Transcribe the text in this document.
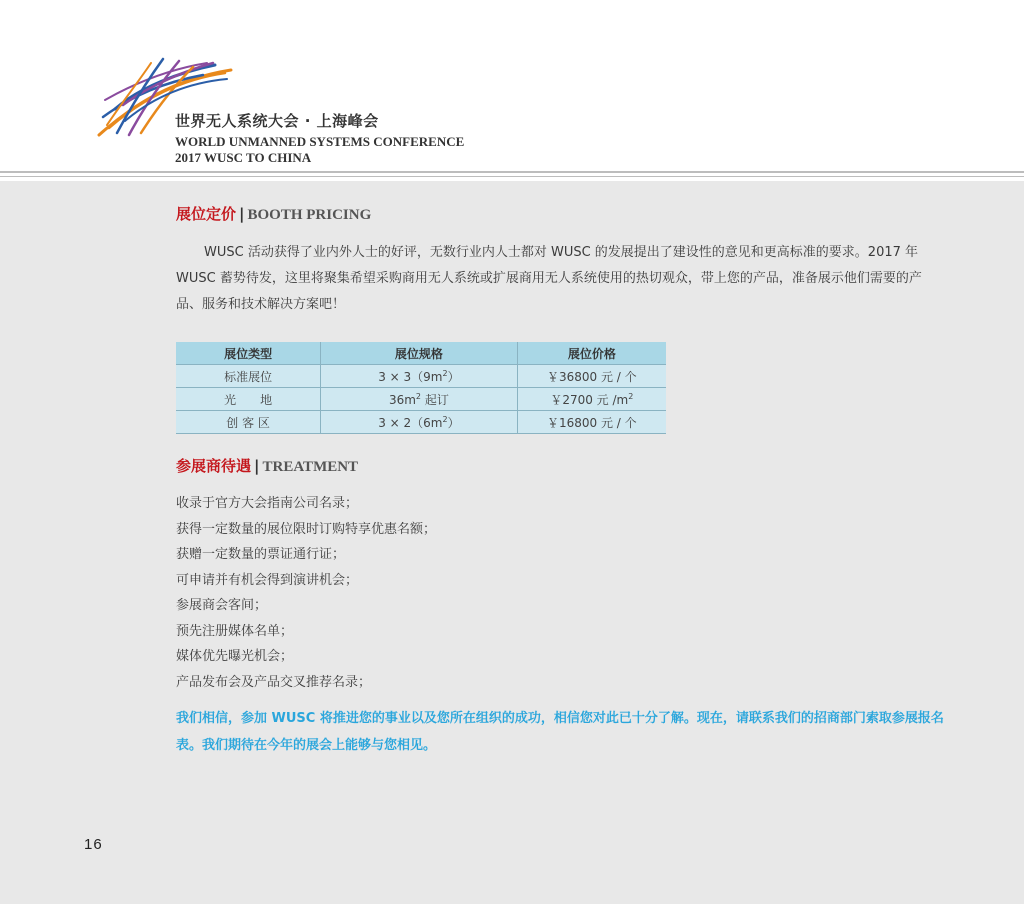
世界无人系统大会 · 上海峰会
WORLD UNMANNED SYSTEMS CONFERENCE
2017 WUSC TO CHINA
展位定价 | BOOTH PRICING
WUSC 活动获得了业内外人士的好评，无数行业内人士都对 WUSC 的发展提出了建设性的意见和更高标准的要求。2017 年 WUSC 蓄势待发，这里将聚集希望采购商用无人系统或扩展商用无人系统使用的热切观众，带上您的产品，准备展示他们需要的产品、服务和技术解决方案吧！
展位类型	展位规格	展位价格
标准展位	$3 \times 3(9m^2)$	￥36800 元 / 个
光　　地	$36m^2$ 起订	￥2700 元 $/m^2$
创 客 区	$3 \times 2(6m^2)$	￥16800 元 / 个
参展商待遇 | TREATMENT
收录于官方大会指南公司名录；
获得一定数量的展位限时订购特享优惠名额；
获赠一定数量的票证通行证；
可申请并有机会得到演讲机会；
参展商会客间；
预先注册媒体名单；
媒体优先曝光机会；
产品发布会及产品交叉推荐名录；
我们相信，参加 WUSC 将推进您的事业以及您所在组织的成功，相信您对此已十分了解。现在，请联系我们的招商部门索取参展报名表。我们期待在今年的展会上能够与您相见。
16
